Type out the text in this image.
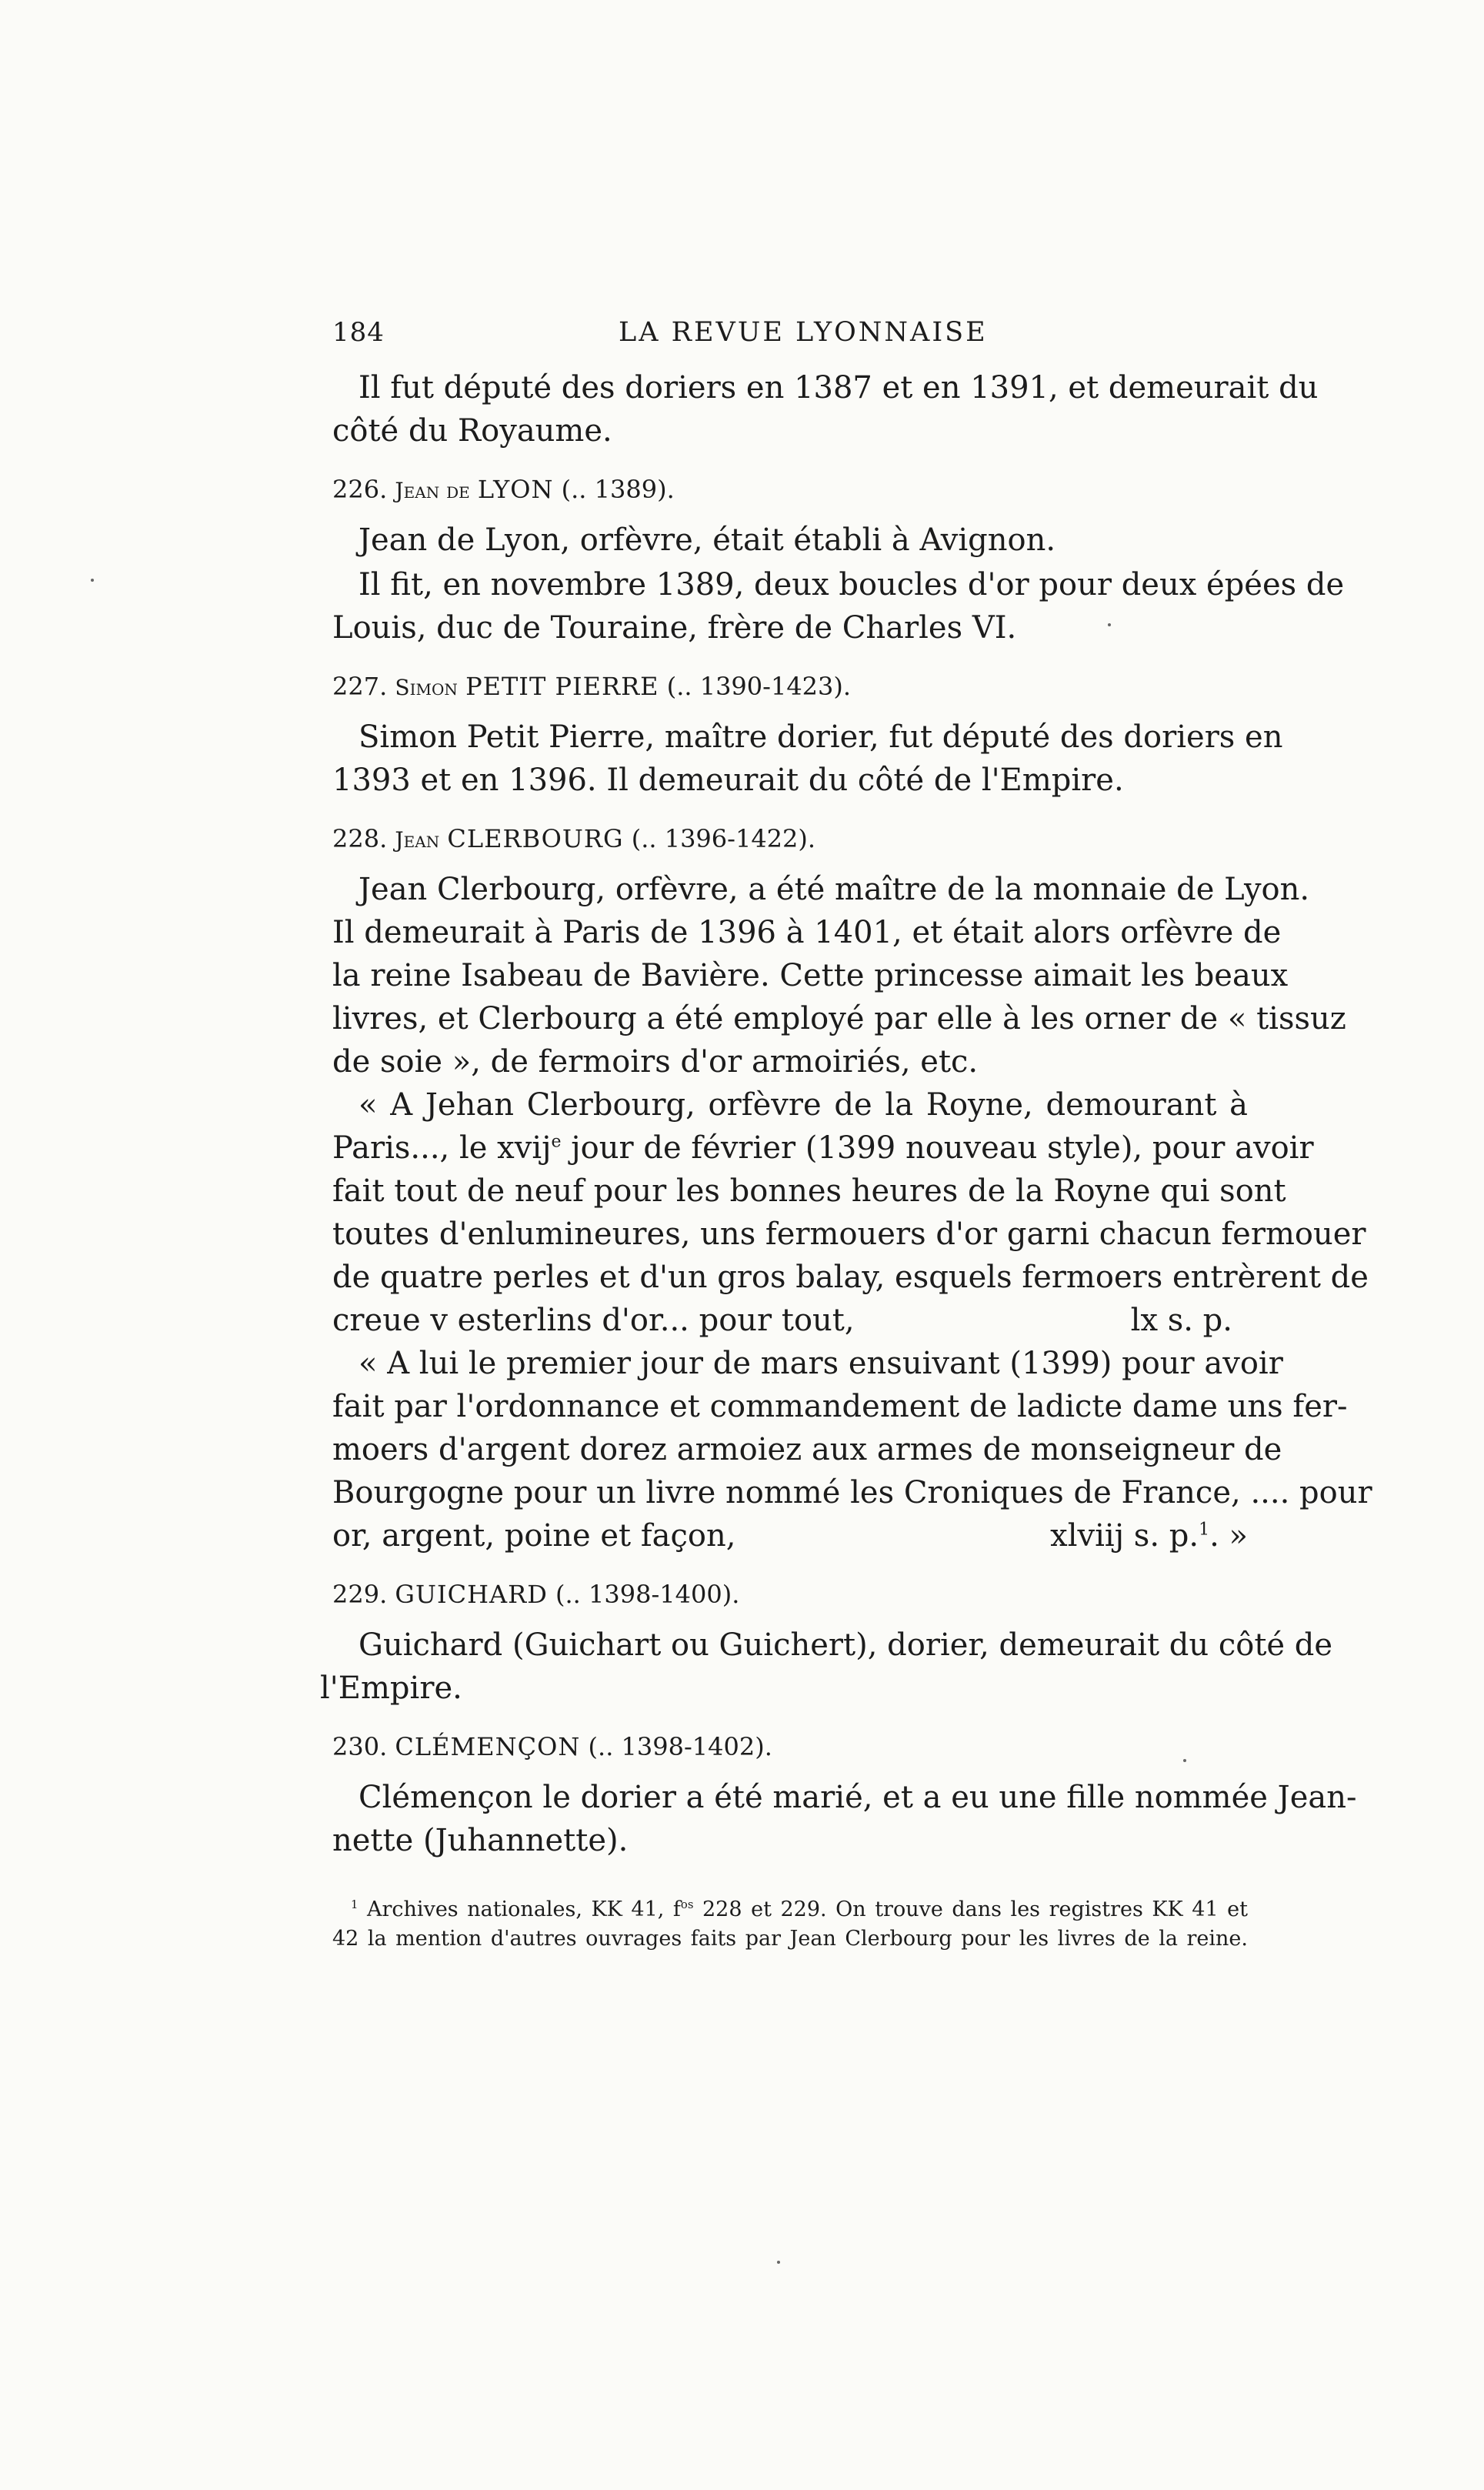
184	LA REVUE LYONNAISE
Il fut député des doriers en 1387 et en 1391, et demeurait du
côté du Royaume.
226. Jean de LYON (.. 1389).
Jean de Lyon, orfèvre, était établi à Avignon.
Il fit, en novembre 1389, deux boucles d'or pour deux épées de
Louis, duc de Touraine, frère de Charles VI.
227. Simon PETIT PIERRE (.. 1390-1423).
Simon Petit Pierre, maître dorier, fut député des doriers en
1393 et en 1396. Il demeurait du côté de l'Empire.
228. Jean CLERBOURG (.. 1396-1422).
Jean Clerbourg, orfèvre, a été maître de la monnaie de Lyon.
Il demeurait à Paris de 1396 à 1401, et était alors orfèvre de
la reine Isabeau de Bavière. Cette princesse aimait les beaux
livres, et Clerbourg a été employé par elle à les orner de « tissuz
de soie », de fermoirs d'or armoiriés, etc.
« A Jehan Clerbourg, orfèvre de la Royne, demourant à
Paris..., le xvij$^e$ jour de février (1399 nouveau style), pour avoir
fait tout de neuf pour les bonnes heures de la Royne qui sont
toutes d'enlumineures, uns fermouers d'or garni chacun fermouer
de quatre perles et d'un gros balay, esquels fermoers entrèrent de
creue v esterlins d'or... pour tout,	lx s. p.
« A lui le premier jour de mars ensuivant (1399) pour avoir
fait par l'ordonnance et commandement de ladicte dame uns fer-
moers d'argent dorez armoiez aux armes de monseigneur de
Bourgogne pour un livre nommé les Croniques de France, .... pour
or, argent, poine et façon,	xlviij s. p.$^1$. »
229. GUICHARD (.. 1398-1400).
Guichard (Guichart ou Guichert), dorier, demeurait du côté de
l'Empire.
230. CLÉMENÇON (.. 1398-1402).
Clémençon le dorier a été marié, et a eu une fille nommée Jean-
nette (Juhannette).
$^1$ Archives nationales, KK 41, $f^{os}$ 228 et 229. On trouve dans les registres KK 41 et
42 la mention d'autres ouvrages faits par Jean Clerbourg pour les livres de la reine.
